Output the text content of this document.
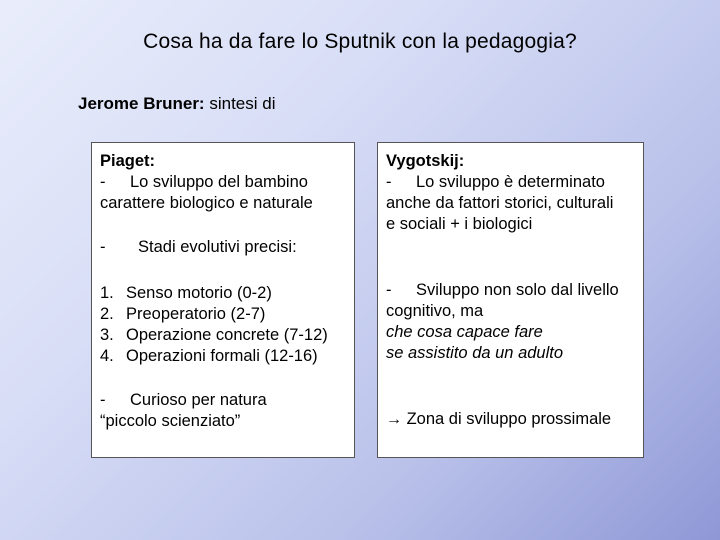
Cosa ha da fare lo Sputnik con la pedagogia?
Jerome Bruner: sintesi di
Piaget:
-	Lo sviluppo del bambino
carattere biologico e naturale
-	Stadi evolutivi precisi:
1. Senso motorio (0-2)
2. Preoperatorio (2-7)
3. Operazione concrete (7-12)
4. Operazioni formali (12-16)
-	Curioso per natura
“piccolo scienziato”
Vygotskij:
-	Lo sviluppo è determinato
anche da fattori storici, culturali
e sociali + i biologici
-	Sviluppo non solo dal livello
cognitivo, ma
che cosa capace fare
se assistito da un adulto
→ Zona di sviluppo prossimale
